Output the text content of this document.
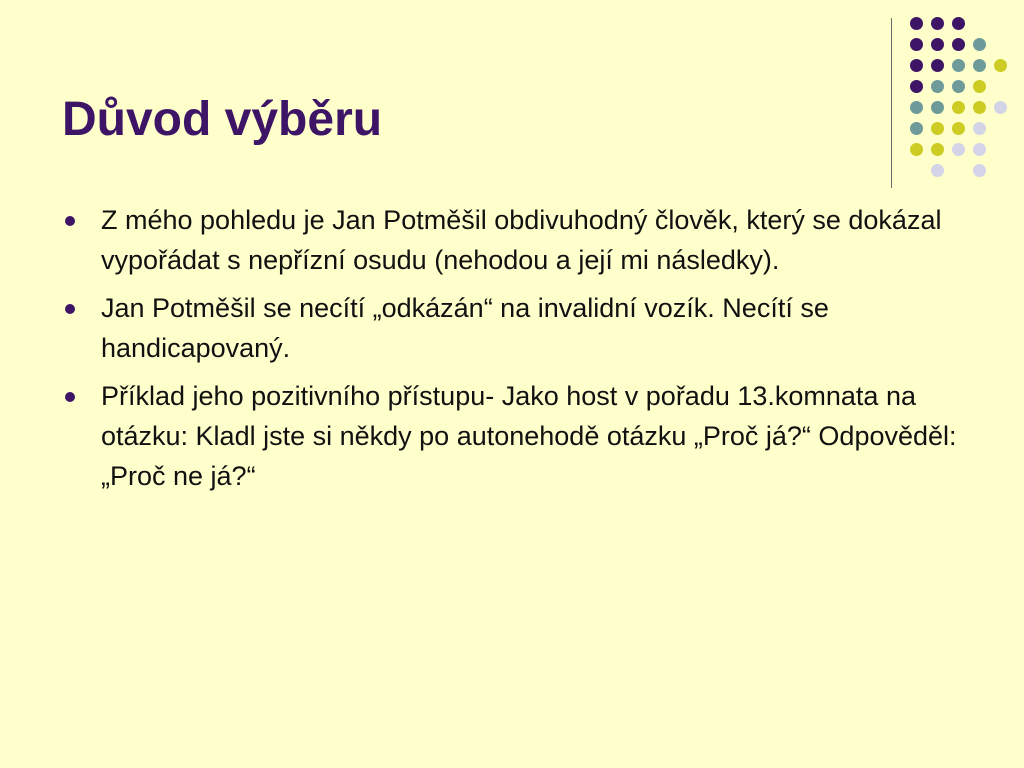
Důvod výběru
Z mého pohledu je Jan Potměšil obdivuhodný člověk, který se dokázal vypořádat s nepřízní osudu (nehodou a její mi následky).
Jan Potměšil se necítí „odkázán“ na invalidní vozík. Necítí se handicapovaný.
Příklad jeho pozitivního přístupu- Jako host v pořadu 13.komnata na otázku: Kladl jste si někdy po autonehodě otázku „Proč já?“ Odpověděl: „Proč ne já?“
